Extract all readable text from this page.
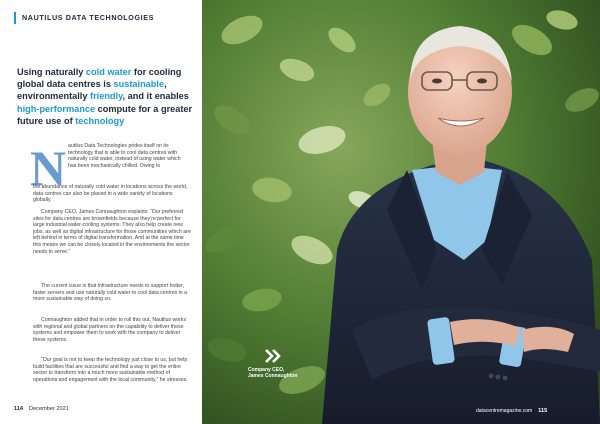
NAUTILUS DATA TECHNOLOGIES
Using naturally cold water for cooling global data centres is sustainable, environmentally friendly, and it enables high-performance compute for a greater future use of technology
N autilus Data Technologies prides itself on its technology that is able to cool data centres with naturally cold water, instead of using water which has been mechanically chilled. Owing to

the abundance of naturally cold water in locations across the world, data centres can also be placed in a wide variety of locations globally.

Company CEO, James Connaughton explains: “Our preferred sites for data centres are brownfields because they’re perfect for large industrial water-cooling systems. They also help create new jobs, as well as digital infrastructure for those communities which are left behind in terms of digital transformation. And at the same time this means we can be closely located in the environments the sector needs to serve.”

The current issue is that infrastructure needs to support hotter, faster servers and use naturally cold water to cool data centres in a more sustainable way of doing so.

Connaughton added that in order to roll this out, Nautilus works with regional and global partners on the capability to deliver these systems and empower them to work with the company to deliver these systems.

“Our goal is not to keep the technology just close to us, but help build facilities that are successful and find a way to get the entire sector to transform into a much more sustainable method of operations and engagement with the local community,” he stresses.

114 December 2021
Company CEO,
James Connaughton
datacentremagazine.com 115
